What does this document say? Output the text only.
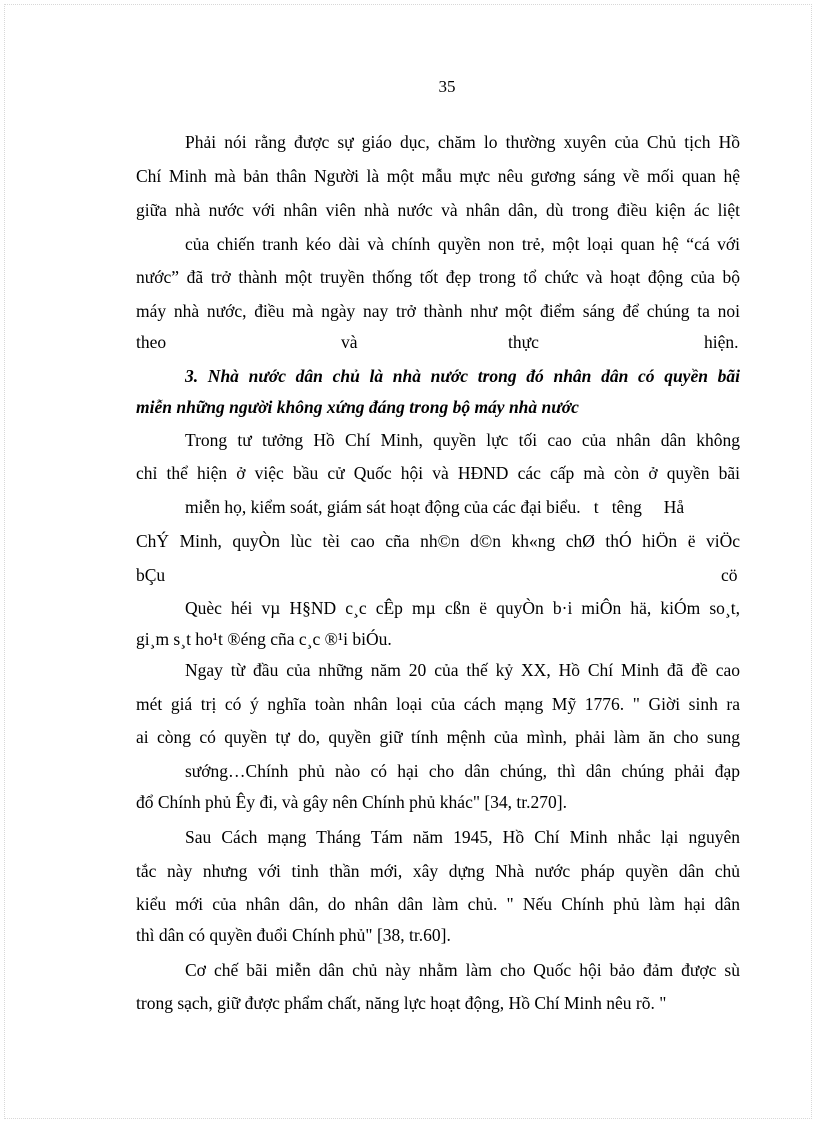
35
Phải nói rằng được sự giáo dục, chăm lo thường xuyên của Chủ tịch Hồ
Chí Minh mà bản thân Người là một mẫu mực nêu gương sáng về mối quan hệ
giữa nhà nước với nhân viên nhà nước và nhân dân, dù trong điều kiện ác liệt
của chiến tranh kéo dài và chính quyền non trẻ, một loại quan hệ “cá với
nước” đã trở thành một truyền thống tốt đẹp trong tổ chức và hoạt động của bộ
máy nhà nước, điều mà ngày nay trở thành như một điểm sáng để chúng ta noi
theo	và	thực	hiện.
3. Nhà nước dân chủ là nhà nước trong đó nhân dân có quyền bãi
miễn những người không xứng đáng trong bộ máy nhà nước
Trong tư tưởng Hồ Chí Minh, quyền lực tối cao của nhân dân không
chỉ thể hiện ở việc bầu cử Quốc hội và HĐND các cấp mà còn ở quyền bãi
miễn họ, kiểm soát, giám sát hoạt động của các đại biểu.   t   têng     Hå
ChÝ Minh, quyÒn lùc tèi cao cña nh©n d©n kh«ng chØ thÓ hiÖn ë viÖc
bÇu	cö
Quèc héi vµ H§ND c¸c cÊp mµ cßn ë quyÒn b·i miÔn hä, kiÓm so¸t,
gi¸m s¸t ho¹t ®éng cña c¸c ®¹i biÓu.
Ngay từ đầu của những năm 20 của thế kỷ XX, Hồ Chí Minh đã đề cao
mét giá trị có ý nghĩa toàn nhân loại của cách mạng Mỹ 1776. " Giời sinh ra
ai còng có quyền tự do, quyền giữ tính mệnh của mình, phải làm ăn cho sung
sướng…Chính phủ nào có hại cho dân chúng, thì dân chúng phải đạp
đổ Chính phủ Êy đi, và gây nên Chính phủ khác" [34, tr.270].
Sau Cách mạng Tháng Tám năm 1945, Hồ Chí Minh nhắc lại nguyên
tắc này nhưng với tinh thần mới, xây dựng Nhà nước pháp quyền dân chủ
kiểu mới của nhân dân, do nhân dân làm chủ. " Nếu Chính phủ làm hại dân
thì dân có quyền đuổi Chính phủ" [38, tr.60].
Cơ chế bãi miễn dân chủ này nhằm làm cho Quốc hội bảo đảm được sù
trong sạch, giữ được phẩm chất, năng lực hoạt động, Hồ Chí Minh nêu rõ. "
